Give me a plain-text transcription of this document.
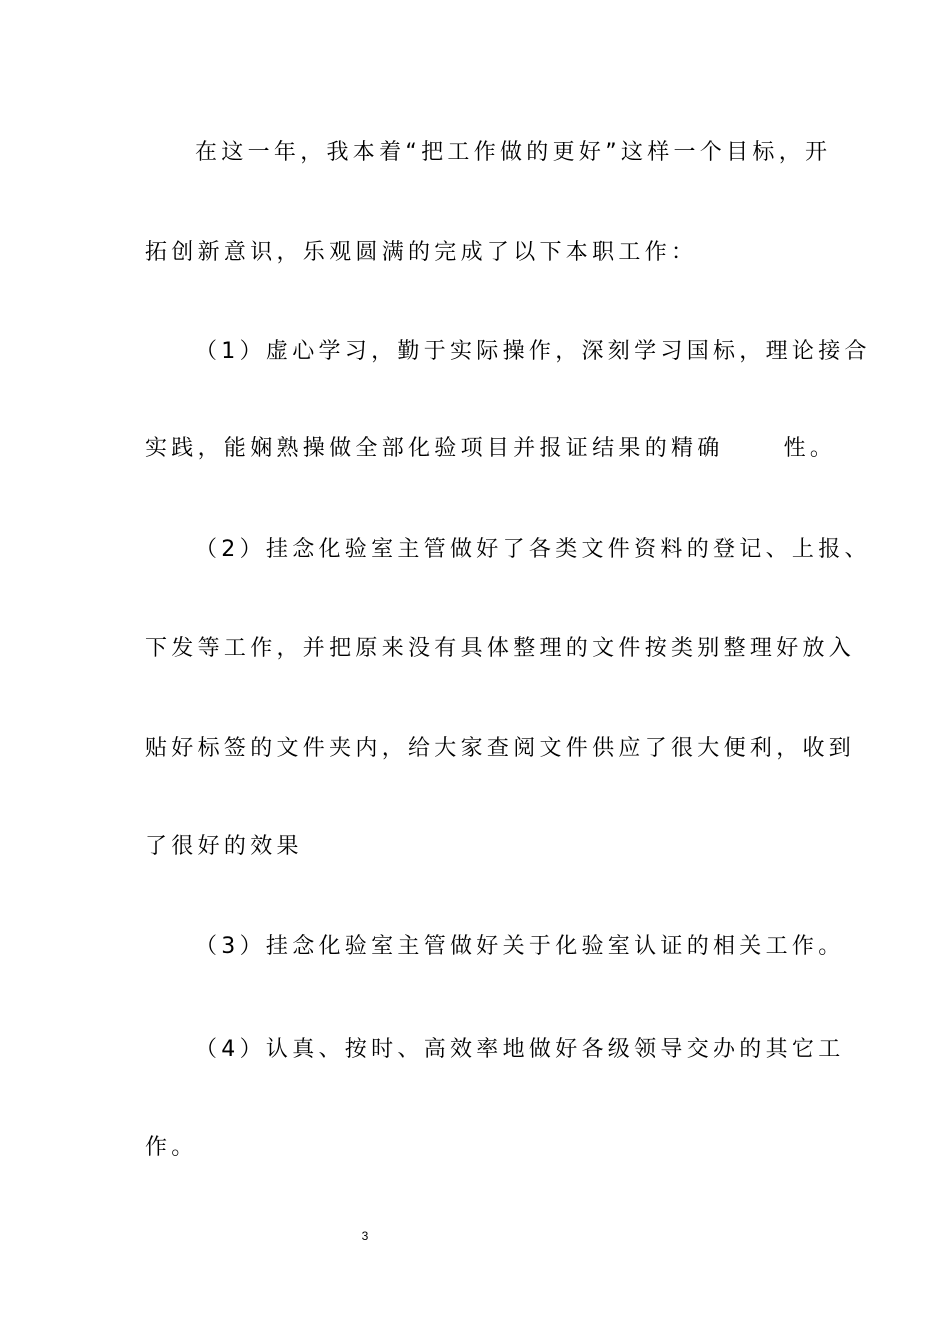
在这一年，我本着“把工作做的更好”这样一个目标，开
拓创新意识，乐观圆满的完成了以下本职工作：
（1）虚心学习，勤于实际操作，深刻学习国标，理论接合
实践，能娴熟操做全部化验项目并报证结果的精确	性。
（2）挂念化验室主管做好了各类文件资料的登记、上报、
下发等工作，并把原来没有具体整理的文件按类别整理好放入
贴好标签的文件夹内，给大家查阅文件供应了很大便利，收到
了很好的效果
（3）挂念化验室主管做好关于化验室认证的相关工作。
（4）认真、按时、高效率地做好各级领导交办的其它工
作。
3
